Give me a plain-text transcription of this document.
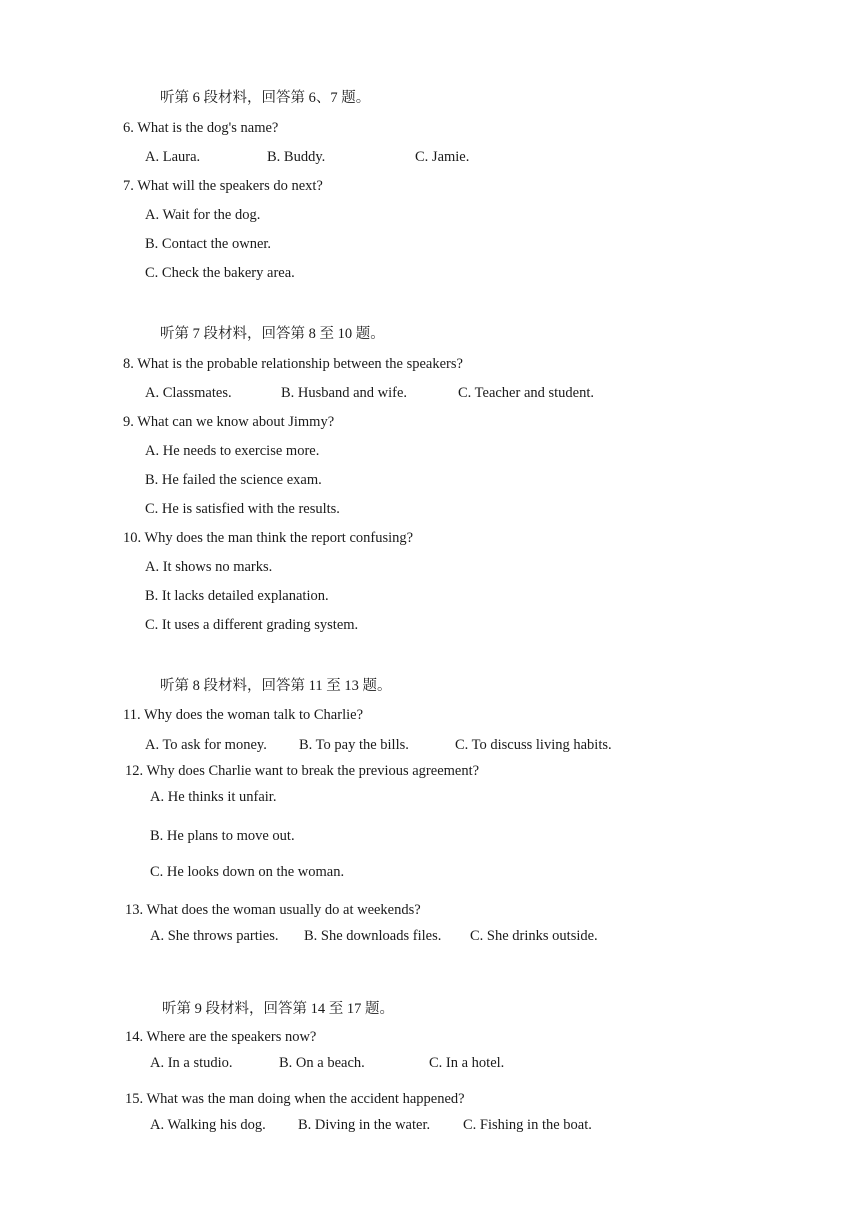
听第 6 段材料，回答第 6、7 题。
6. What is the dog's name?
A. Laura.	B. Buddy.	C. Jamie.
7. What will the speakers do next?
A. Wait for the dog.
B. Contact the owner.
C. Check the bakery area.
听第 7 段材料，回答第 8 至 10 题。
8. What is the probable relationship between the speakers?
A. Classmates.	B. Husband and wife.	C. Teacher and student.
9. What can we know about Jimmy?
A. He needs to exercise more.
B. He failed the science exam.
C. He is satisfied with the results.
10. Why does the man think the report confusing?
A. It shows no marks.
B. It lacks detailed explanation.
C. It uses a different grading system.
听第 8 段材料，回答第 11 至 13 题。
11. Why does the woman talk to Charlie?
A. To ask for money. B. To pay the bills.	C. To discuss living habits.
12. Why does Charlie want to break the previous agreement?
A. He thinks it unfair.
B. He plans to move out.
C. He looks down on the woman.
13. What does the woman usually do at weekends?
A. She throws parties. B. She downloads files. C. She drinks outside.
听第 9 段材料，回答第 14 至 17 题。
14. Where are the speakers now?
A. In a studio.	B. On a beach.	C. In a hotel.
15. What was the man doing when the accident happened?
A. Walking his dog. B. Diving in the water. C. Fishing in the boat.
